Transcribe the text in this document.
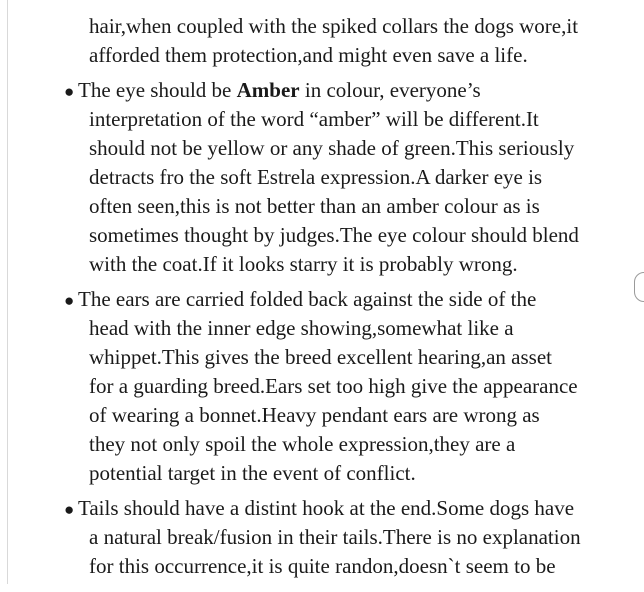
hair,when coupled with the spiked collars the dogs wore,it
afforded them protection,and might even save a life.
● The eye should be Amber in colour, everyone’s
interpretation of the word “amber” will be different.It
should not be yellow or any shade of green.This seriously
detracts fro the soft Estrela expression.A darker eye is
often seen,this is not better than an amber colour as is
sometimes thought by judges.The eye colour should blend
with the coat.If it looks starry it is probably wrong.
● The ears are carried folded back against the side of the
head with the inner edge showing,somewhat like a
whippet.This gives the breed excellent hearing,an asset
for a guarding breed.Ears set too high give the appearance
of wearing a bonnet.Heavy pendant ears are wrong as
they not only spoil the whole expression,they are a
potential target in the event of conflict.
● Tails should have a distint hook at the end.Some dogs have
a natural break/fusion in their tails.There is no explanation
for this occurrence,it is quite randon,doesn`t seem to be
